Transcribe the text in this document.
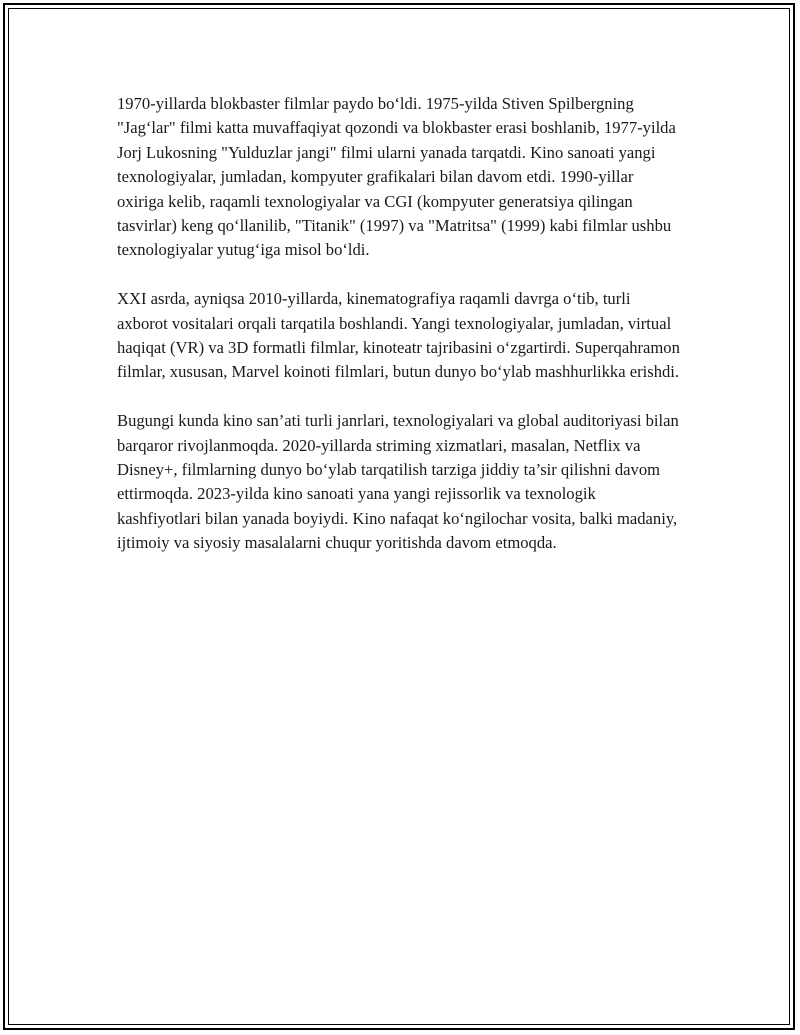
1970-yillarda blokbaster filmlar paydo bo‘ldi. 1975-yilda Stiven Spilbergning "Jag‘lar" filmi katta muvaffaqiyat qozondi va blokbaster erasi boshlanib, 1977-yilda Jorj Lukosning "Yulduzlar jangi" filmi ularni yanada tarqatdi. Kino sanoati yangi texnologiyalar, jumladan, kompyuter grafikalari bilan davom etdi. 1990-yillar oxiriga kelib, raqamli texnologiyalar va CGI (kompyuter generatsiya qilingan tasvirlar) keng qo‘llanilib, "Titanik" (1997) va "Matritsa" (1999) kabi filmlar ushbu texnologiyalar yutug‘iga misol bo‘ldi.

XXI asrda, ayniqsa 2010-yillarda, kinematografiya raqamli davrga o‘tib, turli axborot vositalari orqali tarqatila boshlandi. Yangi texnologiyalar, jumladan, virtual haqiqat (VR) va 3D formatli filmlar, kinoteatr tajribasini o‘zgartirdi. Superqahramon filmlar, xususan, Marvel koinoti filmlari, butun dunyo bo‘ylab mashhurlikka erishdi.

Bugungi kunda kino san’ati turli janrlari, texnologiyalari va global auditoriyasi bilan barqaror rivojlanmoqda. 2020-yillarda striming xizmatlari, masalan, Netflix va Disney+, filmlarning dunyo bo‘ylab tarqatilish tarziga jiddiy ta’sir qilishni davom ettirmoqda. 2023-yilda kino sanoati yana yangi rejissorlik va texnologik kashfiyotlari bilan yanada boyiydi. Kino nafaqat ko‘ngilochar vosita, balki madaniy, ijtimoiy va siyosiy masalalarni chuqur yoritishda davom etmoqda.
